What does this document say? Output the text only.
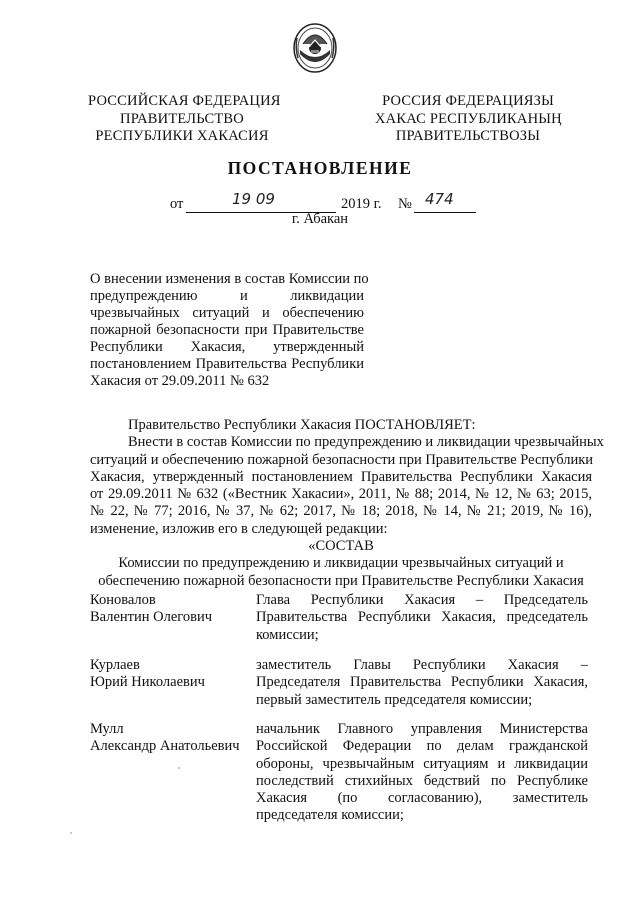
РОССИЙСКАЯ ФЕДЕРАЦИЯ
ПРАВИТЕЛЬСТВО
РЕСПУБЛИКИ ХАКАСИЯ
РОССИЯ ФЕДЕРАЦИЯЗЫ
ХАКАС РЕСПУБЛИКАНЫҢ
ПРАВИТЕЛЬСТВОЗЫ
ПОСТАНОВЛЕНИЕ
от	19 09	2019 г. № 474
г. Абакан
О внесении изменения в состав Комиссии по
предупреждению и ликвидации
чрезвычайных ситуаций и обеспечению
пожарной безопасности при Правительстве
Республики Хакасия, утвержденный
постановлением Правительства Республики
Хакасия от 29.09.2011 № 632
Правительство Республики Хакасия ПОСТАНОВЛЯЕТ:
Внести в состав Комиссии по предупреждению и ликвидации чрезвычайных
ситуаций и обеспечению пожарной безопасности при Правительстве Республики
Хакасия, утвержденный постановлением Правительства Республики Хакасия
от 29.09.2011 № 632 («Вестник Хакасии», 2011, № 88; 2014, № 12, № 63; 2015,
№ 22, № 77; 2016, № 37, № 62; 2017, № 18; 2018, № 14, № 21; 2019, № 16),
изменение, изложив его в следующей редакции:
«СОСТАВ
Комиссии по предупреждению и ликвидации чрезвычайных ситуаций и
обеспечению пожарной безопасности при Правительстве Республики Хакасия
Коновалов
Валентин Олегович
Глава Республики Хакасия – Председатель
Правительства Республики Хакасия, председатель
комиссии;
Курлаев
Юрий Николаевич
заместитель Главы Республики Хакасия –
Председателя Правительства Республики Хакасия,
первый заместитель председателя комиссии;
Мулл
Александр Анатольевич
начальник Главного управления Министерства
Российской Федерации по делам гражданской
обороны, чрезвычайным ситуациям и ликвидации
последствий стихийных бедствий по Республике
Хакасия (по согласованию), заместитель
председателя комиссии;
